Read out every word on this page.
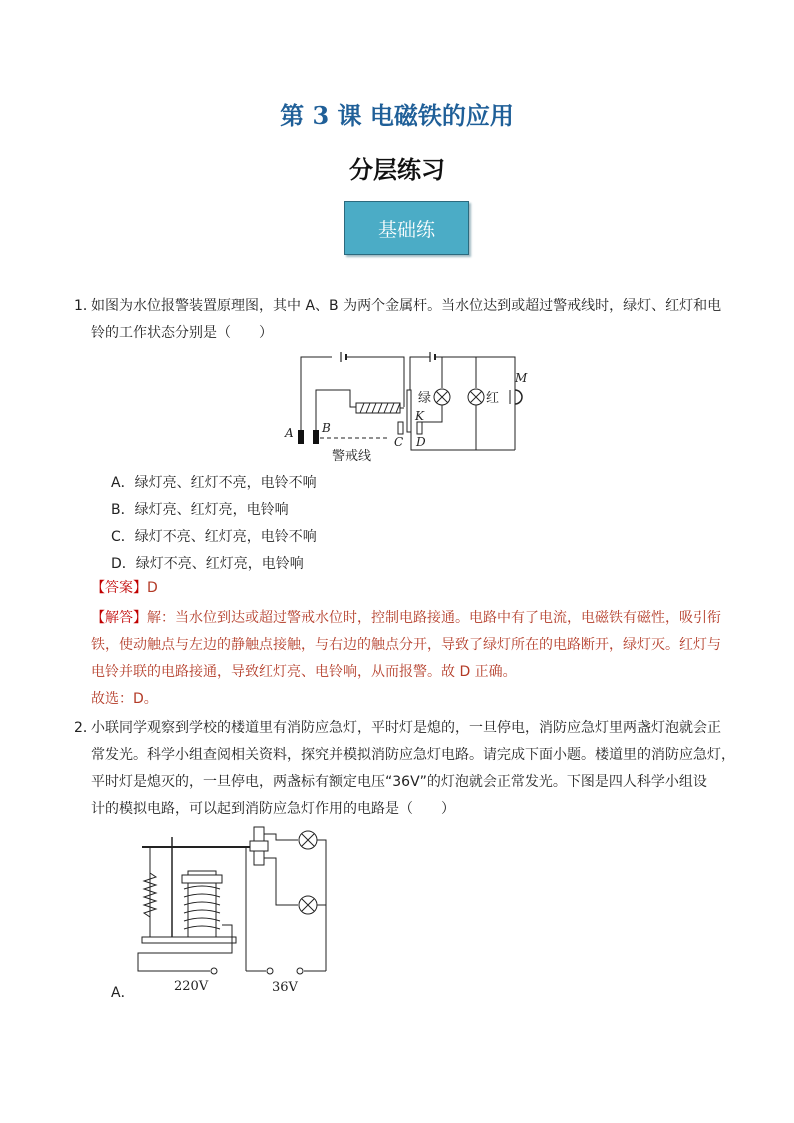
第 3 课 电磁铁的应用
分层练习
基础练
1．
如图为水位报警装置原理图，其中 A、B 为两个金属杆。当水位达到或超过警戒线时，绿灯、红灯和电
铃的工作状态分别是（　　）
A B
C D
K
M
绿	红
警戒线
A．绿灯亮、红灯不亮，电铃不响
B．绿灯亮、红灯亮，电铃响
C．绿灯不亮、红灯亮，电铃不响
D．绿灯不亮、红灯亮，电铃响
【答案】D
【解答】解：当水位到达或超过警戒水位时，控制电路接通。电路中有了电流，电磁铁有磁性，吸引衔
铁，使动触点与左边的静触点接触，与右边的触点分开，导致了绿灯所在的电路断开，绿灯灭。红灯与
电铃并联的电路接通，导致红灯亮、电铃响，从而报警。故 D 正确。
故选：D。
2．
小联同学观察到学校的楼道里有消防应急灯，平时灯是熄的，一旦停电，消防应急灯里两盏灯泡就会正
常发光。科学小组查阅相关资料，探究并模拟消防应急灯电路。请完成下面小题。楼道里的消防应急灯，
平时灯是熄灭的，一旦停电，两盏标有额定电压“36V”的灯泡就会正常发光。下图是四人科学小组设
计的模拟电路，可以起到消防应急灯作用的电路是（　　）
220V	36V
A．
